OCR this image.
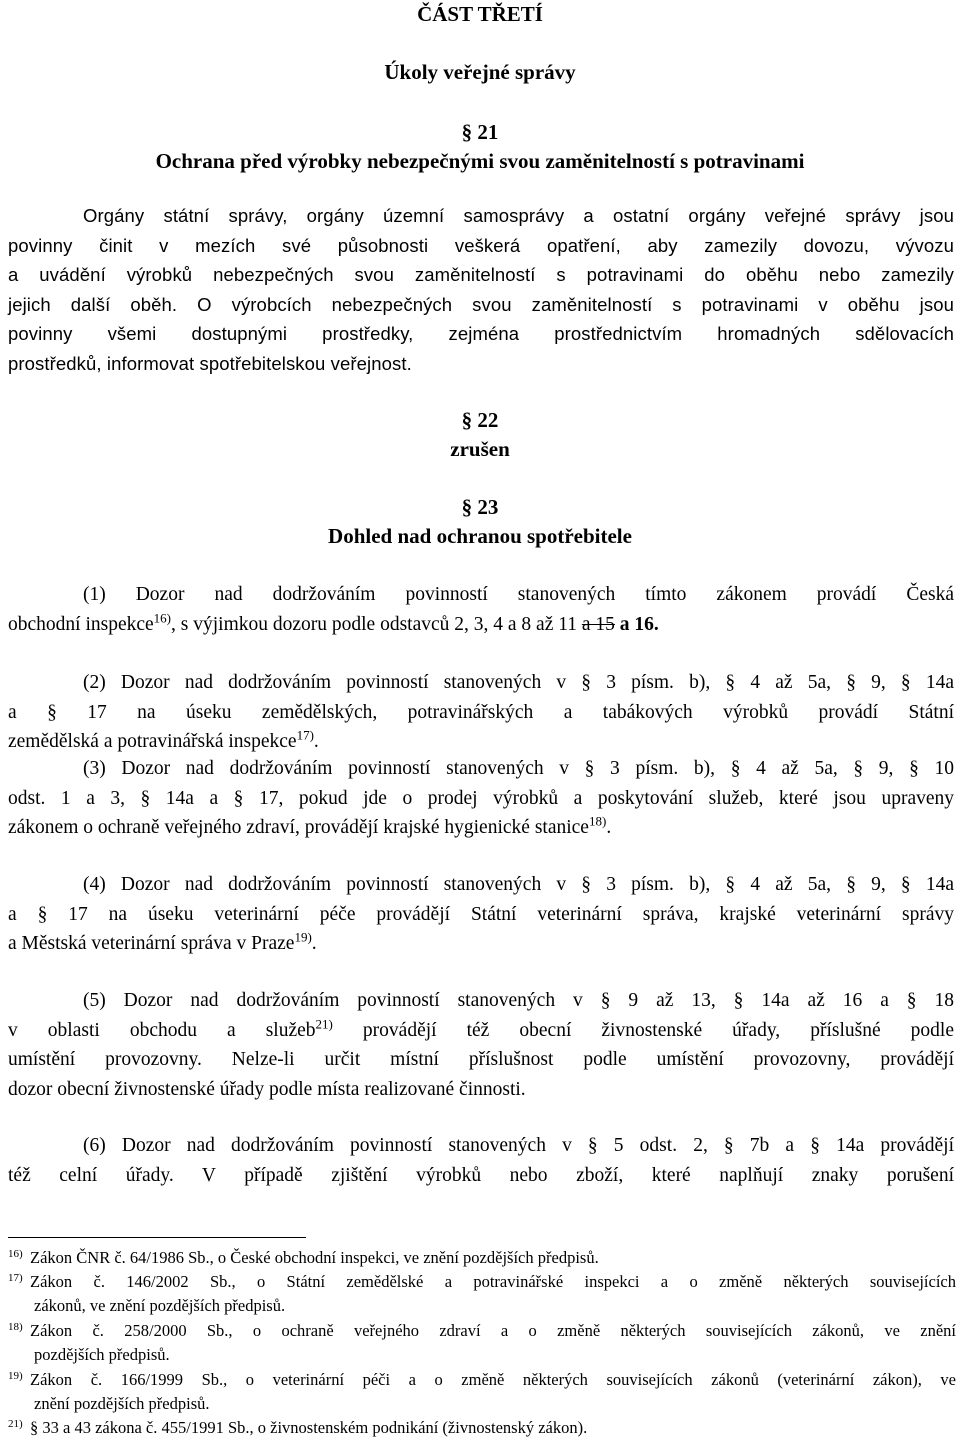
ČÁST TŘETÍ
Úkoly veřejné správy
§ 21
Ochrana před výrobky nebezpečnými svou zaměnitelností s potravinami
Orgány státní správy, orgány územní samosprávy a ostatní orgány veřejné správy jsou
povinny činit v mezích své působnosti veškerá opatření, aby zamezily dovozu, vývozu
a uvádění výrobků nebezpečných svou zaměnitelností s potravinami do oběhu nebo zamezily
jejich další oběh. O výrobcích nebezpečných svou zaměnitelností s potravinami v oběhu jsou
povinny všemi dostupnými prostředky, zejména prostřednictvím hromadných sdělovacích
prostředků, informovat spotřebitelskou veřejnost.
§ 22
zrušen
§ 23
Dohled nad ochranou spotřebitele
(1) Dozor nad dodržováním povinností stanovených tímto zákonem provádí Česká
obchodní inspekce$^{16)}$, s výjimkou dozoru podle odstavců 2, 3, 4 a 8 až 11 a 15 a 16.
(2) Dozor nad dodržováním povinností stanovených v § 3 písm. b), § 4 až 5a, § 9, § 14a
a § 17 na úseku zemědělských, potravinářských a tabákových výrobků provádí Státní
zemědělská a potravinářská inspekce$^{17)}$.
(3) Dozor nad dodržováním povinností stanovených v § 3 písm. b), § 4 až 5a, § 9, § 10
odst. 1 a 3, § 14a a § 17, pokud jde o prodej výrobků a poskytování služeb, které jsou upraveny
zákonem o ochraně veřejného zdraví, provádějí krajské hygienické stanice$^{18)}$.
(4) Dozor nad dodržováním povinností stanovených v § 3 písm. b), § 4 až 5a, § 9, § 14a
a § 17 na úseku veterinární péče provádějí Státní veterinární správa, krajské veterinární správy
a Městská veterinární správa v Praze$^{19)}$.
(5) Dozor nad dodržováním povinností stanovených v § 9 až 13, § 14a až 16 a § 18
v oblasti obchodu a služeb$^{21)}$ provádějí též obecní živnostenské úřady, příslušné podle
umístění provozovny. Nelze-li určit místní příslušnost podle umístění provozovny, provádějí
dozor obecní živnostenské úřady podle místa realizované činnosti.
(6) Dozor nad dodržováním povinností stanovených v § 5 odst. 2, § 7b a § 14a provádějí
též celní úřady. V případě zjištění výrobků nebo zboží, které naplňují znaky porušení
16) Zákon ČNR č. 64/1986 Sb., o České obchodní inspekci, ve znění pozdějších předpisů.
17) Zákon č. 146/2002 Sb., o Státní zemědělské a potravinářské inspekci a o změně některých souvisejících
zákonů, ve znění pozdějších předpisů.
18) Zákon č. 258/2000 Sb., o ochraně veřejného zdraví a o změně některých souvisejících zákonů, ve znění
pozdějších předpisů.
19) Zákon č. 166/1999 Sb., o veterinární péči a o změně některých souvisejících zákonů (veterinární zákon), ve
znění pozdějších předpisů.
21) § 33 a 43 zákona č. 455/1991 Sb., o živnostenském podnikání (živnostenský zákon).
